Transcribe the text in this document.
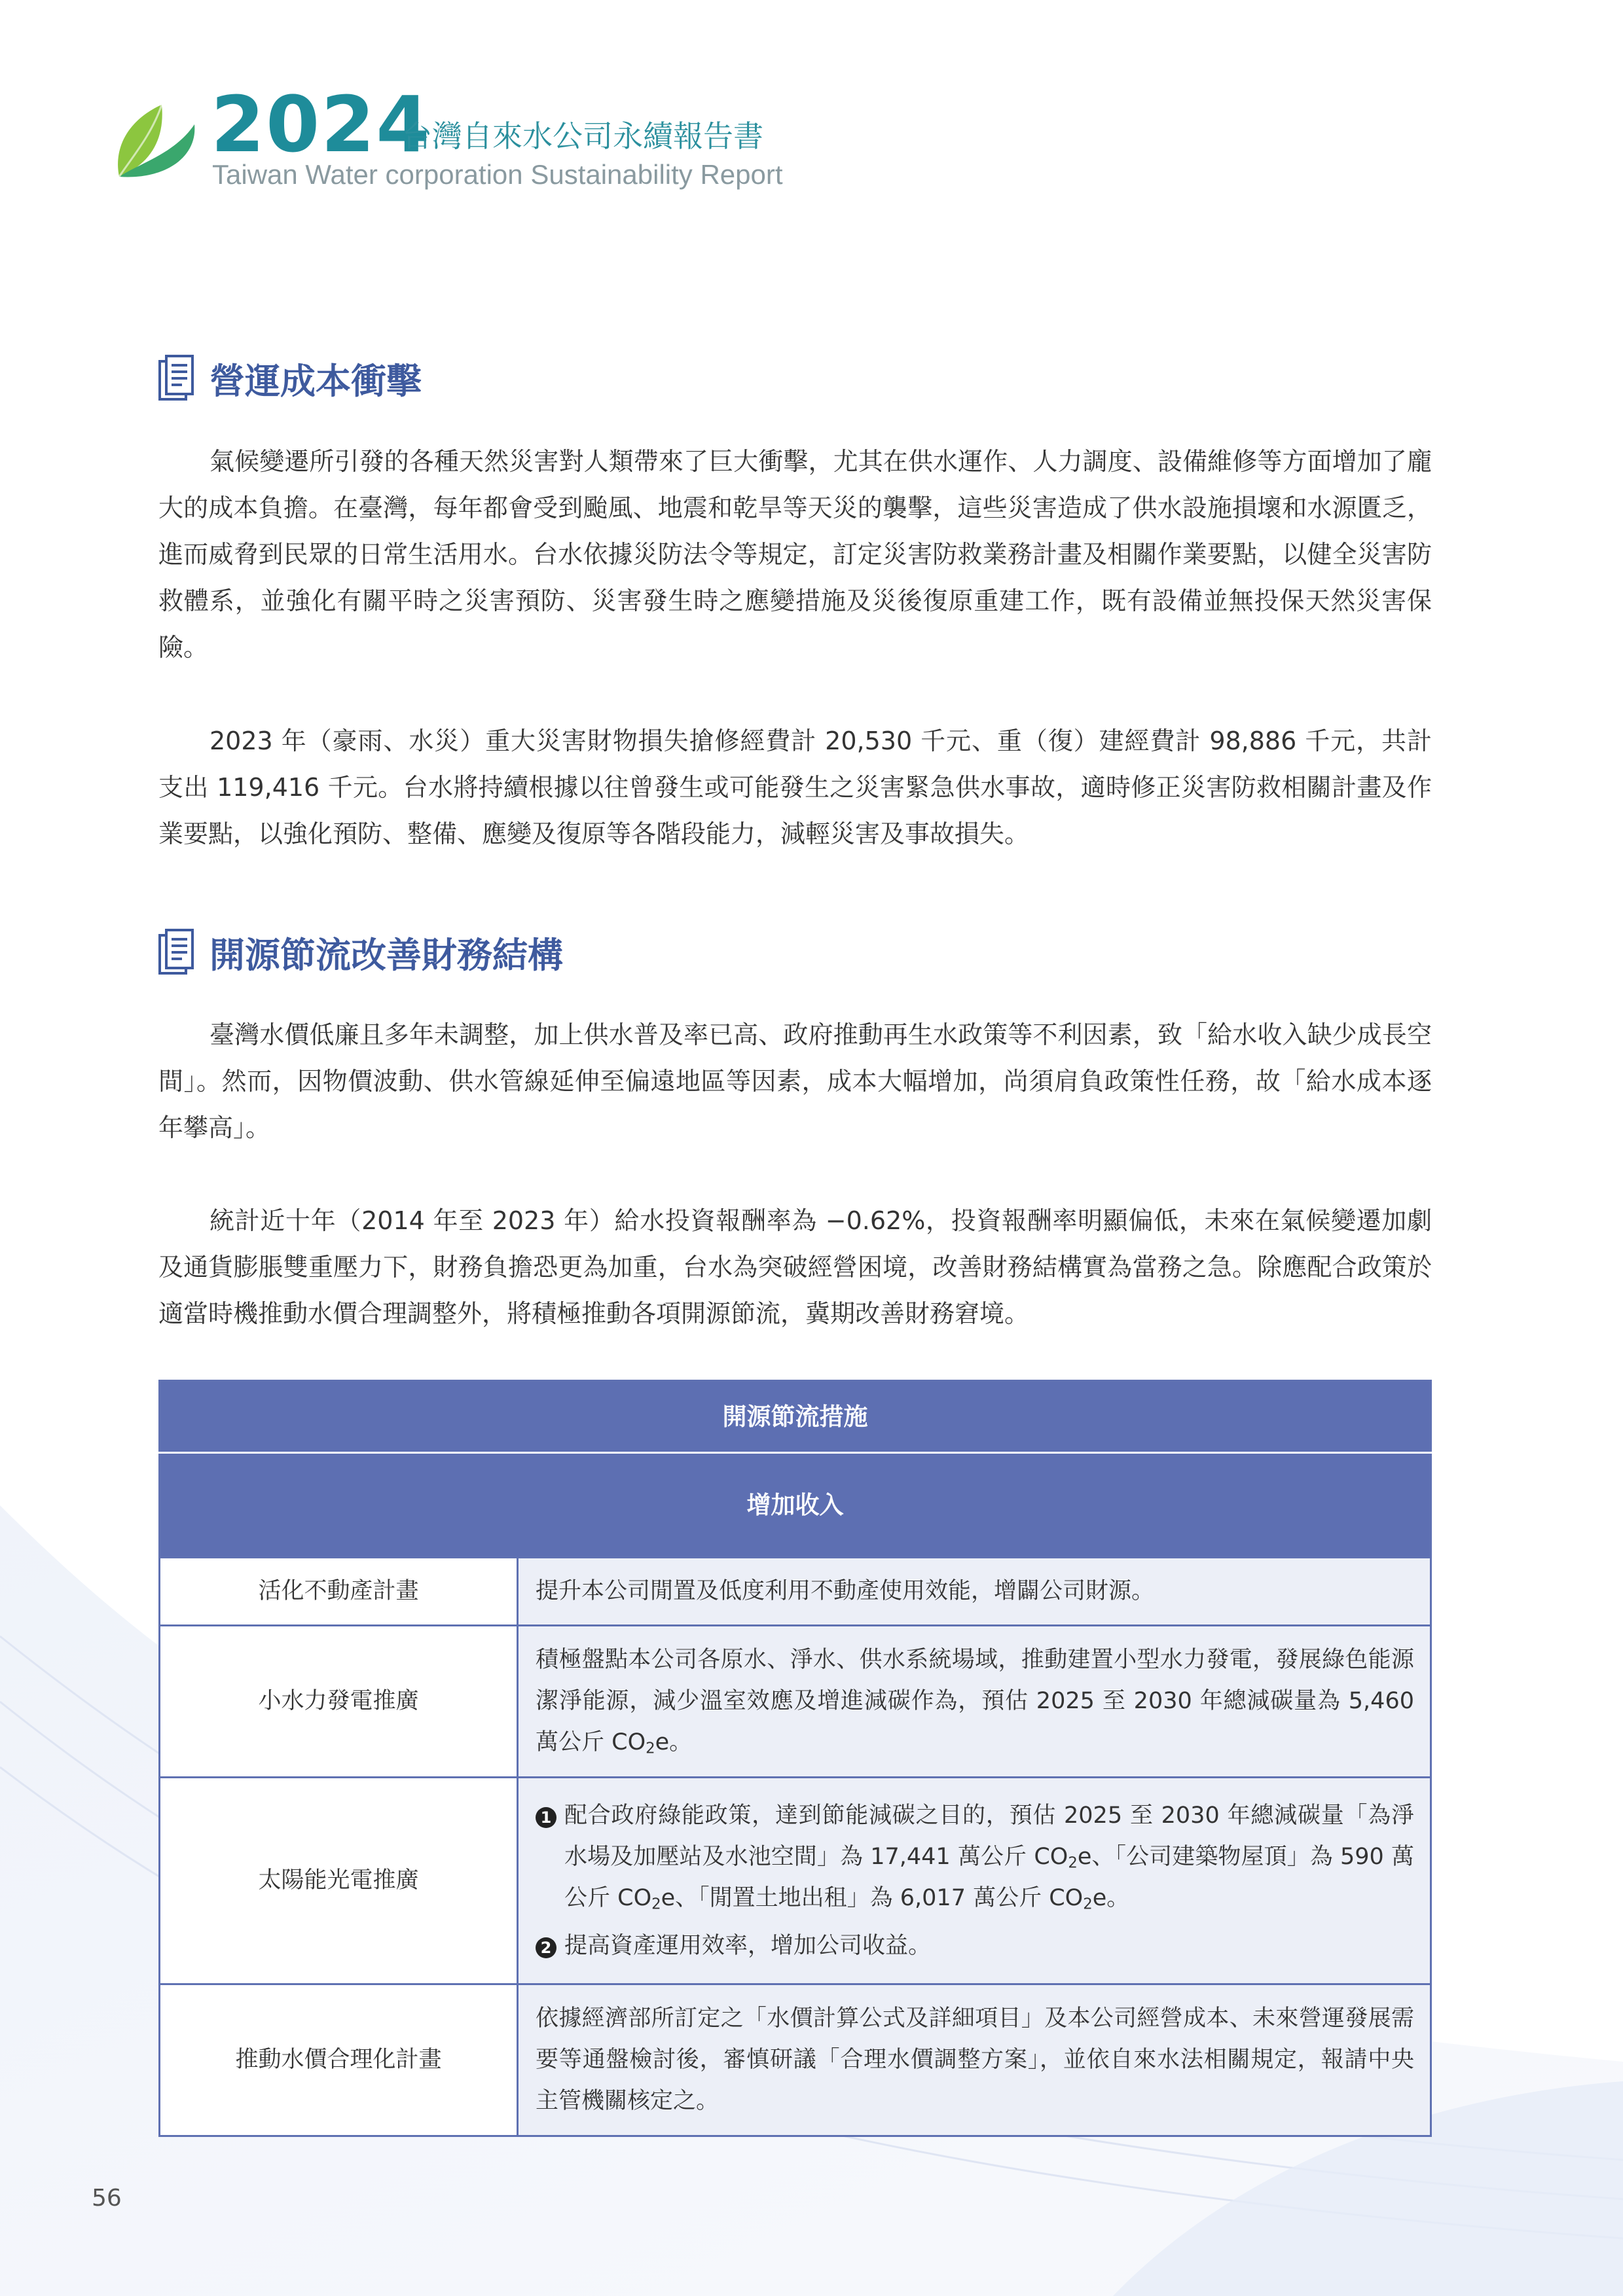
2024
台灣自來水公司永續報告書
Taiwan Water corporation Sustainability Report
營運成本衝擊

氣候變遷所引發的各種天然災害對人類帶來了巨大衝擊，尤其在供水運作、人力調度、設備維修等方面增加了龐大的成本負擔。在臺灣，每年都會受到颱風、地震和乾旱等天災的襲擊，這些災害造成了供水設施損壞和水源匱乏，進而威脅到民眾的日常生活用水。台水依據災防法令等規定，訂定災害防救業務計畫及相關作業要點，以健全災害防救體系，並強化有關平時之災害預防、災害發生時之應變措施及災後復原重建工作，既有設備並無投保天然災害保險。

2023 年（豪雨、水災）重大災害財物損失搶修經費計 20,530 千元、重（復）建經費計 98,886 千元，共計支出 119,416 千元。台水將持續根據以往曾發生或可能發生之災害緊急供水事故，適時修正災害防救相關計畫及作業要點，以強化預防、整備、應變及復原等各階段能力，減輕災害及事故損失。

開源節流改善財務結構

臺灣水價低廉且多年未調整，加上供水普及率已高、政府推動再生水政策等不利因素，致「給水收入缺少成長空間」。然而，因物價波動、供水管線延伸至偏遠地區等因素，成本大幅增加，尚須肩負政策性任務，故「給水成本逐年攀高」。

統計近十年（2014 年至 2023 年）給水投資報酬率為 −0.62%，投資報酬率明顯偏低，未來在氣候變遷加劇及通貨膨脹雙重壓力下，財務負擔恐更為加重，台水為突破經營困境，改善財務結構實為當務之急。除應配合政策於適當時機推動水價合理調整外，將積極推動各項開源節流，冀期改善財務窘境。

開源節流措施	
增加收入	
活化不動產計畫	提升本公司閒置及低度利用不動產使用效能，增闢公司財源。
小水力發電推廣	積極盤點本公司各原水、淨水、供水系統場域，推動建置小型水力發電，發展綠色能源潔淨能源，減少溫室效應及增進減碳作為，預估 2025 至 2030 年總減碳量為 5,460 萬公斤 $CO_2e$。
太陽能光電推廣	1 配合政府綠能政策，達到節能減碳之目的，預估 2025 至 2030 年總減碳量「為淨水場及加壓站及水池空間」為 17,441 萬公斤 $CO_2e$、「公司建築物屋頂」為 590 萬公斤 $CO_2e$、「閒置土地出租」為 6,017 萬公斤 $CO_2e$。
2 提高資產運用效率，增加公司收益。

推動水價合理化計畫	依據經濟部所訂定之「水價計算公式及詳細項目」及本公司經營成本、未來營運發展需要等通盤檢討後，審慎研議「合理水價調整方案」，並依自來水法相關規定，報請中央主管機關核定之。
56
